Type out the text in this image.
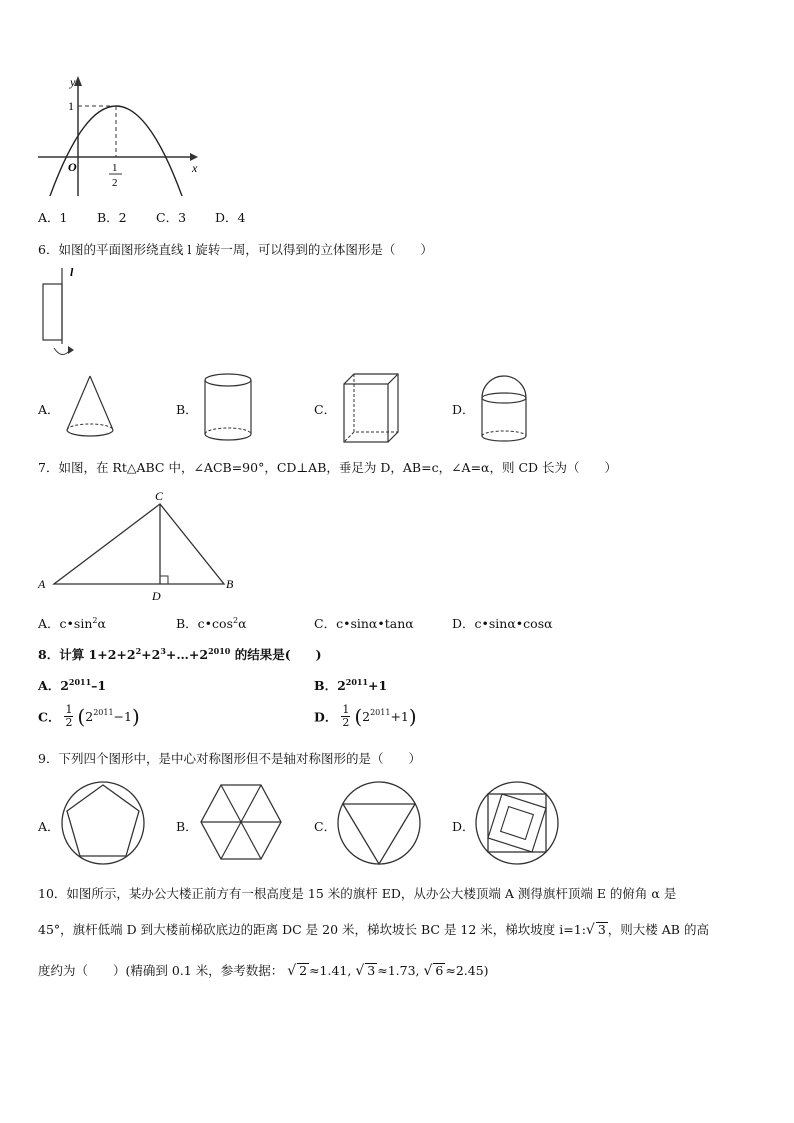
y
x
O
1
1
2
A．1 B．2 C．3 D．4
6．如图的平面图形绕直线 l 旋转一周，可以得到的立体图形是（　　）
l
A．	B．	C．	D．
7．如图，在 Rt△ABC 中，∠ACB=90°，CD⊥AB，垂足为 D，AB=c，∠A=α，则 CD 长为（　　）
A	B
C
D
A．$c•\sin^2\alpha$	B．$c•\cos^2\alpha$	C．c•sinα•tanα	D．c•sinα•cosα
8．计算 $1+2+2^2+2^3+\dots+2^{2010}$ 的结果是(　　)
A．$2^{2011}-1$	B．$2^{2011}+1$
C． $\frac{1}{2} (2^{2011}-1)$	D． $\frac{1}{2} (2^{2011}+1)$
9．下列四个图形中，是中心对称图形但不是轴对称图形的是（　　）
A．	B．	C．	D．
10．如图所示，某办公大楼正前方有一根高度是 15 米的旗杆 ED，从办公大楼顶端 A 测得旗杆顶端 E 的俯角 α 是
45°，旗杆低端 D 到大楼前梯砍底边的距离 DC 是 20 米，梯坎坡长 BC 是 12 米，梯坎坡度 i=1:√ 3 ，则大楼 AB 的高
度约为（　　）(精确到 0.1 米，参考数据： √ 2 ≈1.41, √ 3 ≈1.73, √ 6 ≈2.45)
